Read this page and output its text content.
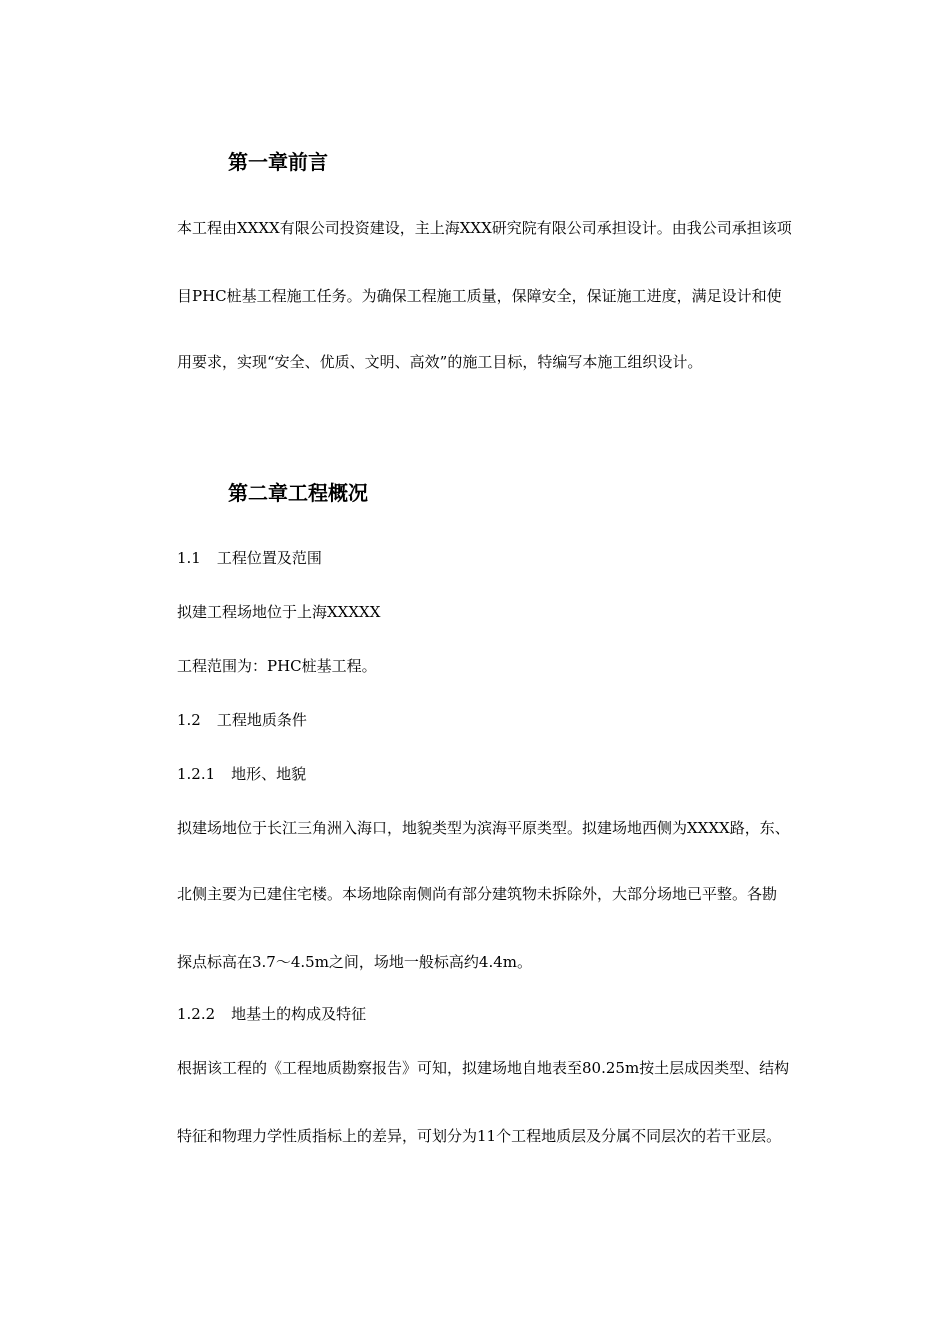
第一章前言
本工程由XXXX有限公司投资建设，主上海XXX研究院有限公司承担设计。由我公司承担该项
目PHC桩基工程施工任务。为确保工程施工质量，保障安全，保证施工进度，满足设计和使
用要求，实现“安全、优质、文明、高效”的施工目标，特编写本施工组织设计。
第二章工程概况
1.1 工程位置及范围
拟建工程场地位于上海XXXXX
工程范围为：PHC桩基工程。
1.2 工程地质条件
1.2.1 地形、地貌
拟建场地位于长江三角洲入海口，地貌类型为滨海平原类型。拟建场地西侧为XXXX路，东、
北侧主要为已建住宅楼。本场地除南侧尚有部分建筑物未拆除外，大部分场地已平整。各勘
探点标高在3.7～4.5m之间，场地一般标高约4.4m。
1.2.2 地基土的构成及特征
根据该工程的《工程地质勘察报告》可知，拟建场地自地表至80.25m按土层成因类型、结构
特征和物理力学性质指标上的差异，可划分为11个工程地质层及分属不同层次的若干亚层。
